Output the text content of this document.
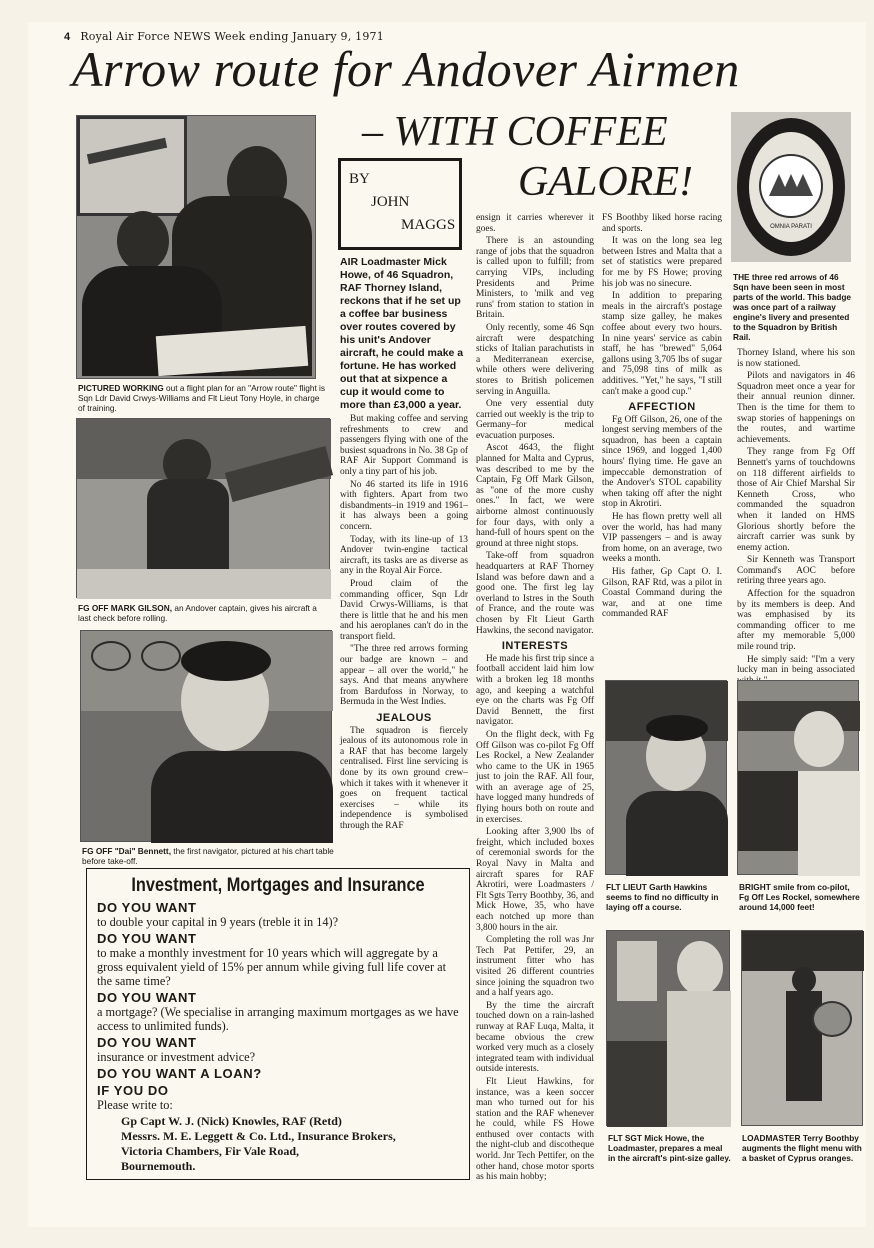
4 Royal Air Force NEWS Week ending January 9, 1971
Arrow route for Andover Airmen
– WITH COFFEE
GALORE!
BY
JOHN
MAGGS
PICTURED WORKING out a flight plan for an "Arrow route" flight is Sqn Ldr David Crwys-Williams and Flt Lieut Tony Hoyle, in charge of training.
FG OFF MARK GILSON, an Andover captain, gives his aircraft a last check before rolling.
FG OFF "Dai" Bennett, the first navigator, pictured at his chart table before take-off.
OMNIA PARATI
THE three red arrows of 46 Sqn have been seen in most parts of the world. This badge was once part of a railway engine's livery and presented to the Squadron by British Rail.

AIR Loadmaster Mick Howe, of 46 Squadron, RAF Thorney Island, reckons that if he set up a coffee bar business over routes covered by his unit's Andover aircraft, he could make a fortune. He has worked out that at sixpence a cup it would come to more than £3,000 a year.

But making coffee and serving refreshments to crew and passengers flying with one of the busiest squadrons in No. 38 Gp of RAF Air Support Command is only a tiny part of his job.

No 46 started its life in 1916 with fighters. Apart from two disbandments–in 1919 and 1961–it has always been a going concern.

Today, with its line-up of 13 Andover twin-engine tactical aircraft, its tasks are as diverse as any in the Royal Air Force.

Proud claim of the commanding officer, Sqn Ldr David Crwys-Williams, is that there is little that he and his men and his aeroplanes can't do in the transport field.

"The three red arrows forming our badge are known – and appear – all over the world," he says. And that means anywhere from Bardufoss in Norway, to Bermuda in the West Indies.

JEALOUS

The squadron is fiercely jealous of its autonomous role in a RAF that has become largely centralised. First line servicing is done by its own ground crew–which it takes with it whenever it goes on frequent tactical exercises – while its independence is symbolised through the RAF

ensign it carries wherever it goes.

There is an astounding range of jobs that the squadron is called upon to fulfill; from carrying VIPs, including Presidents and Prime Ministers, to 'milk and veg runs' from station to station in Britain.

Only recently, some 46 Sqn aircraft were despatching sticks of Italian parachutists in a Mediterranean exercise, while others were delivering stores to British policemen serving in Anguilla.

One very essential duty carried out weekly is the trip to Germany–for medical evacuation purposes.

Ascot 4643, the flight planned for Malta and Cyprus, was described to me by the Captain, Fg Off Mark Gilson, as "one of the more cushy ones." In fact, we were airborne almost continuously for four days, with only a hand-full of hours spent on the ground at three night stops.

Take-off from squadron headquarters at RAF Thorney Island was before dawn and a good one. The first leg lay overland to Istres in the South of France, and the route was chosen by Flt Lieut Garth Hawkins, the second navigator.

INTERESTS

He made his first trip since a football accident laid him low with a broken leg 18 months ago, and keeping a watchful eye on the charts was Fg Off David Bennett, the first navigator.

On the flight deck, with Fg Off Gilson was co-pilot Fg Off Les Rockel, a New Zealander who came to the UK in 1965 just to join the RAF. All four, with an average age of 25, have logged many hundreds of flying hours both on route and in exercises.

Looking after 3,900 lbs of freight, which included boxes of ceremonial swords for the Royal Navy in Malta and aircraft spares for RAF Akrotiri, were Loadmasters / Flt Sgts Terry Boothby, 36, and Mick Howe, 35, who have each notched up more than 3,800 hours in the air.

Completing the roll was Jnr Tech Pat Pettifer, 29, an instrument fitter who has visited 26 different countries since joining the squadron two and a half years ago.

By the time the aircraft touched down on a rain-lashed runway at RAF Luqa, Malta, it became obvious the crew worked very much as a closely integrated team with individual outside interests.

Flt Lieut Hawkins, for instance, was a keen soccer man who turned out for his station and the RAF whenever he could, while FS Howe enthused over contacts with the night-club and discotheque world. Jnr Tech Pettifer, on the other hand, chose motor sports as his main hobby;

FS Boothby liked horse racing and sports.

It was on the long sea leg between Istres and Malta that a set of statistics were prepared for me by FS Howe; proving his job was no sinecure.

In addition to preparing meals in the aircraft's postage stamp size galley, he makes coffee about every two hours. In nine years' service as cabin staff, he has "brewed" 5,064 gallons using 3,705 lbs of sugar and 75,098 tins of milk as additives. "Yet," he says, "I still can't make a good cup."

AFFECTION

Fg Off Gilson, 26, one of the longest serving members of the squadron, has been a captain since 1969, and logged 1,400 hours' flying time. He gave an impeccable demonstration of the Andover's STOL capability when taking off after the night stop in Akrotiri.

He has flown pretty well all over the world, has had many VIP passengers – and is away from home, on an average, two weeks a month.

His father, Gp Capt O. I. Gilson, RAF Rtd, was a pilot in Coastal Command during the war, and at one time commanded RAF

Thorney Island, where his son is now stationed.

Pilots and navigators in 46 Squadron meet once a year for their annual reunion dinner. Then is the time for them to swap stories of happenings on the routes, and wartime achievements.

They range from Fg Off Bennett's yarns of touchdowns on 118 different airfields to those of Air Chief Marshal Sir Kenneth Cross, who commanded the squadron when it landed on HMS Glorious shortly before the aircraft carrier was sunk by enemy action.

Sir Kenneth was Transport Command's AOC before retiring three years ago.

Affection for the squadron by its members is deep. And was emphasised by its commanding officer to me after my memorable 5,000 mile round trip.

He simply said: "I'm a very lucky man in being associated

FLT LIEUT Garth Hawkins seems to find no difficulty in laying off a course.
BRIGHT smile from co-pilot, Fg Off Les Rockel, somewhere around 14,000 feet!
FLT SGT Mick Howe, the Loadmaster, prepares a meal in the aircraft's pint-size galley.
LOADMASTER Terry Boothby augments the flight menu with a basket of Cyprus oranges.
Investment, Mortgages and Insurance
DO YOU WANT
to double your capital in 9 years (treble it in 14)?
DO YOU WANT
to make a monthly investment for 10 years which will aggregate by a gross equivalent yield of 15% per annum while giving full life cover at the same time?
DO YOU WANT
a mortgage? (We specialise in arranging maximum mortgages as we have access to unlimited funds).
DO YOU WANT
insurance or investment advice?
DO YOU WANT A LOAN?
IF YOU DO
Please write to:
Gp Capt W. J. (Nick) Knowles, RAF (Retd)
Messrs. M. E. Leggett & Co. Ltd., Insurance Brokers,
Victoria Chambers, Fir Vale Road,
Bournemouth.
